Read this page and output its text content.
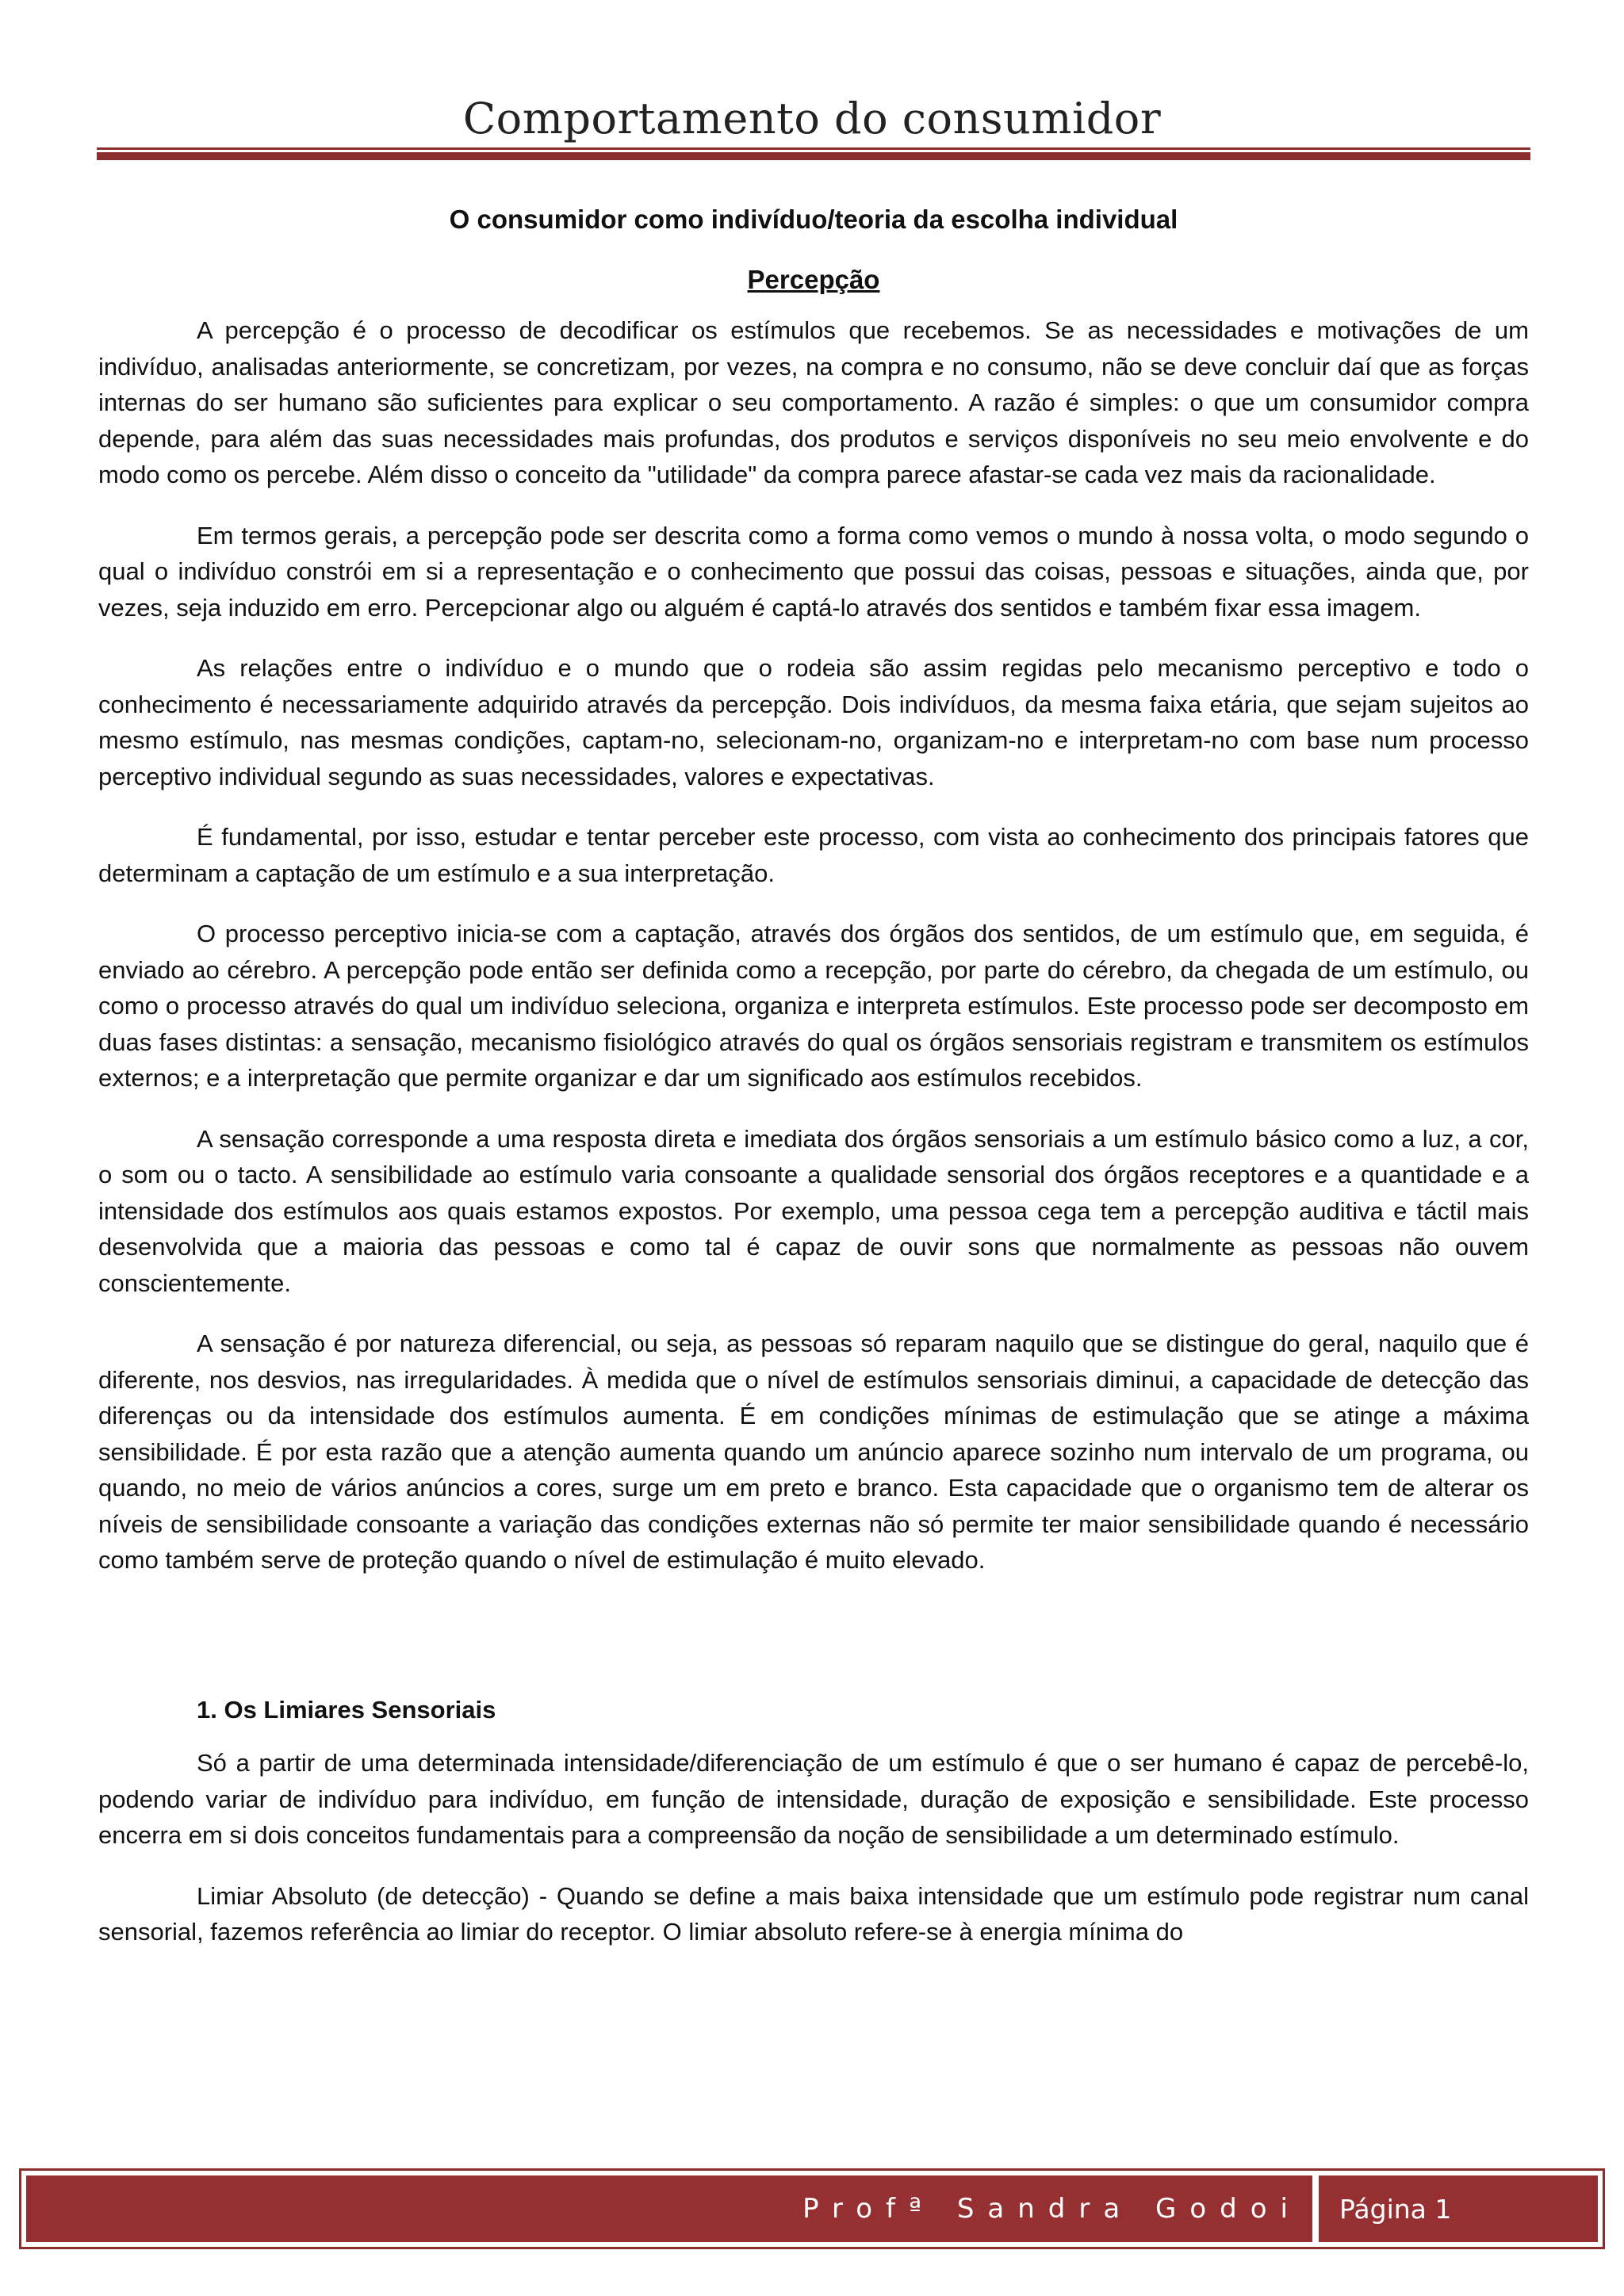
Comportamento do consumidor
O consumidor como indivíduo/teoria da escolha individual
Percepção

A percepção é o processo de decodificar os estímulos que recebemos. Se as necessidades e motivações de um indivíduo, analisadas anteriormente, se concretizam, por vezes, na compra e no consumo, não se deve concluir daí que as forças internas do ser humano são suficientes para explicar o seu comportamento. A razão é simples: o que um consumidor compra depende, para além das suas necessidades mais profundas, dos produtos e serviços disponíveis no seu meio envolvente e do modo como os percebe. Além disso o conceito da "utilidade" da compra parece afastar-se cada vez mais da racionalidade.

Em termos gerais, a percepção pode ser descrita como a forma como vemos o mundo à nossa volta, o modo segundo o qual o indivíduo constrói em si a representação e o conhecimento que possui das coisas, pessoas e situações, ainda que, por vezes, seja induzido em erro. Percepcionar algo ou alguém é captá-lo através dos sentidos e também fixar essa imagem.

As relações entre o indivíduo e o mundo que o rodeia são assim regidas pelo mecanismo perceptivo e todo o conhecimento é necessariamente adquirido através da percepção. Dois indivíduos, da mesma faixa etária, que sejam sujeitos ao mesmo estímulo, nas mesmas condições, captam-no, selecionam-no, organizam-no e interpretam-no com base num processo perceptivo individual segundo as suas necessidades, valores e expectativas.

É fundamental, por isso, estudar e tentar perceber este processo, com vista ao conhecimento dos principais fatores que determinam a captação de um estímulo e a sua interpretação.

O processo perceptivo inicia-se com a captação, através dos órgãos dos sentidos, de um estímulo que, em seguida, é enviado ao cérebro. A percepção pode então ser definida como a recepção, por parte do cérebro, da chegada de um estímulo, ou como o processo através do qual um indivíduo seleciona, organiza e interpreta estímulos. Este processo pode ser decomposto em duas fases distintas: a sensação, mecanismo fisiológico através do qual os órgãos sensoriais registram e transmitem os estímulos externos; e a interpretação que permite organizar e dar um significado aos estímulos recebidos.

A sensação corresponde a uma resposta direta e imediata dos órgãos sensoriais a um estímulo básico como a luz, a cor, o som ou o tacto. A sensibilidade ao estímulo varia consoante a qualidade sensorial dos órgãos receptores e a quantidade e a intensidade dos estímulos aos quais estamos expostos. Por exemplo, uma pessoa cega tem a percepção auditiva e táctil mais desenvolvida que a maioria das pessoas e como tal é capaz de ouvir sons que normalmente as pessoas não ouvem conscientemente.

A sensação é por natureza diferencial, ou seja, as pessoas só reparam naquilo que se distingue do geral, naquilo que é diferente, nos desvios, nas irregularidades. À medida que o nível de estímulos sensoriais diminui, a capacidade de detecção das diferenças ou da intensidade dos estímulos aumenta. É em condições mínimas de estimulação que se atinge a máxima sensibilidade. É por esta razão que a atenção aumenta quando um anúncio aparece sozinho num intervalo de um programa, ou quando, no meio de vários anúncios a cores, surge um em preto e branco. Esta capacidade que o organismo tem de alterar os níveis de sensibilidade consoante a variação das condições externas não só permite ter maior sensibilidade quando é necessário como também serve de proteção quando o nível de estimulação é muito elevado.

1. Os Limiares Sensoriais

Só a partir de uma determinada intensidade/diferenciação de um estímulo é que o ser humano é capaz de percebê-lo, podendo variar de indivíduo para indivíduo, em função de intensidade, duração de exposição e sensibilidade. Este processo encerra em si dois conceitos fundamentais para a compreensão da noção de sensibilidade a um determinado estímulo.

Limiar Absoluto (de detecção) - Quando se define a mais baixa intensidade que um estímulo pode registrar num canal sensorial, fazemos referência ao limiar do receptor. O limiar absoluto refere-se à energia mínima do

Profª Sandra Godoi	Página 1
